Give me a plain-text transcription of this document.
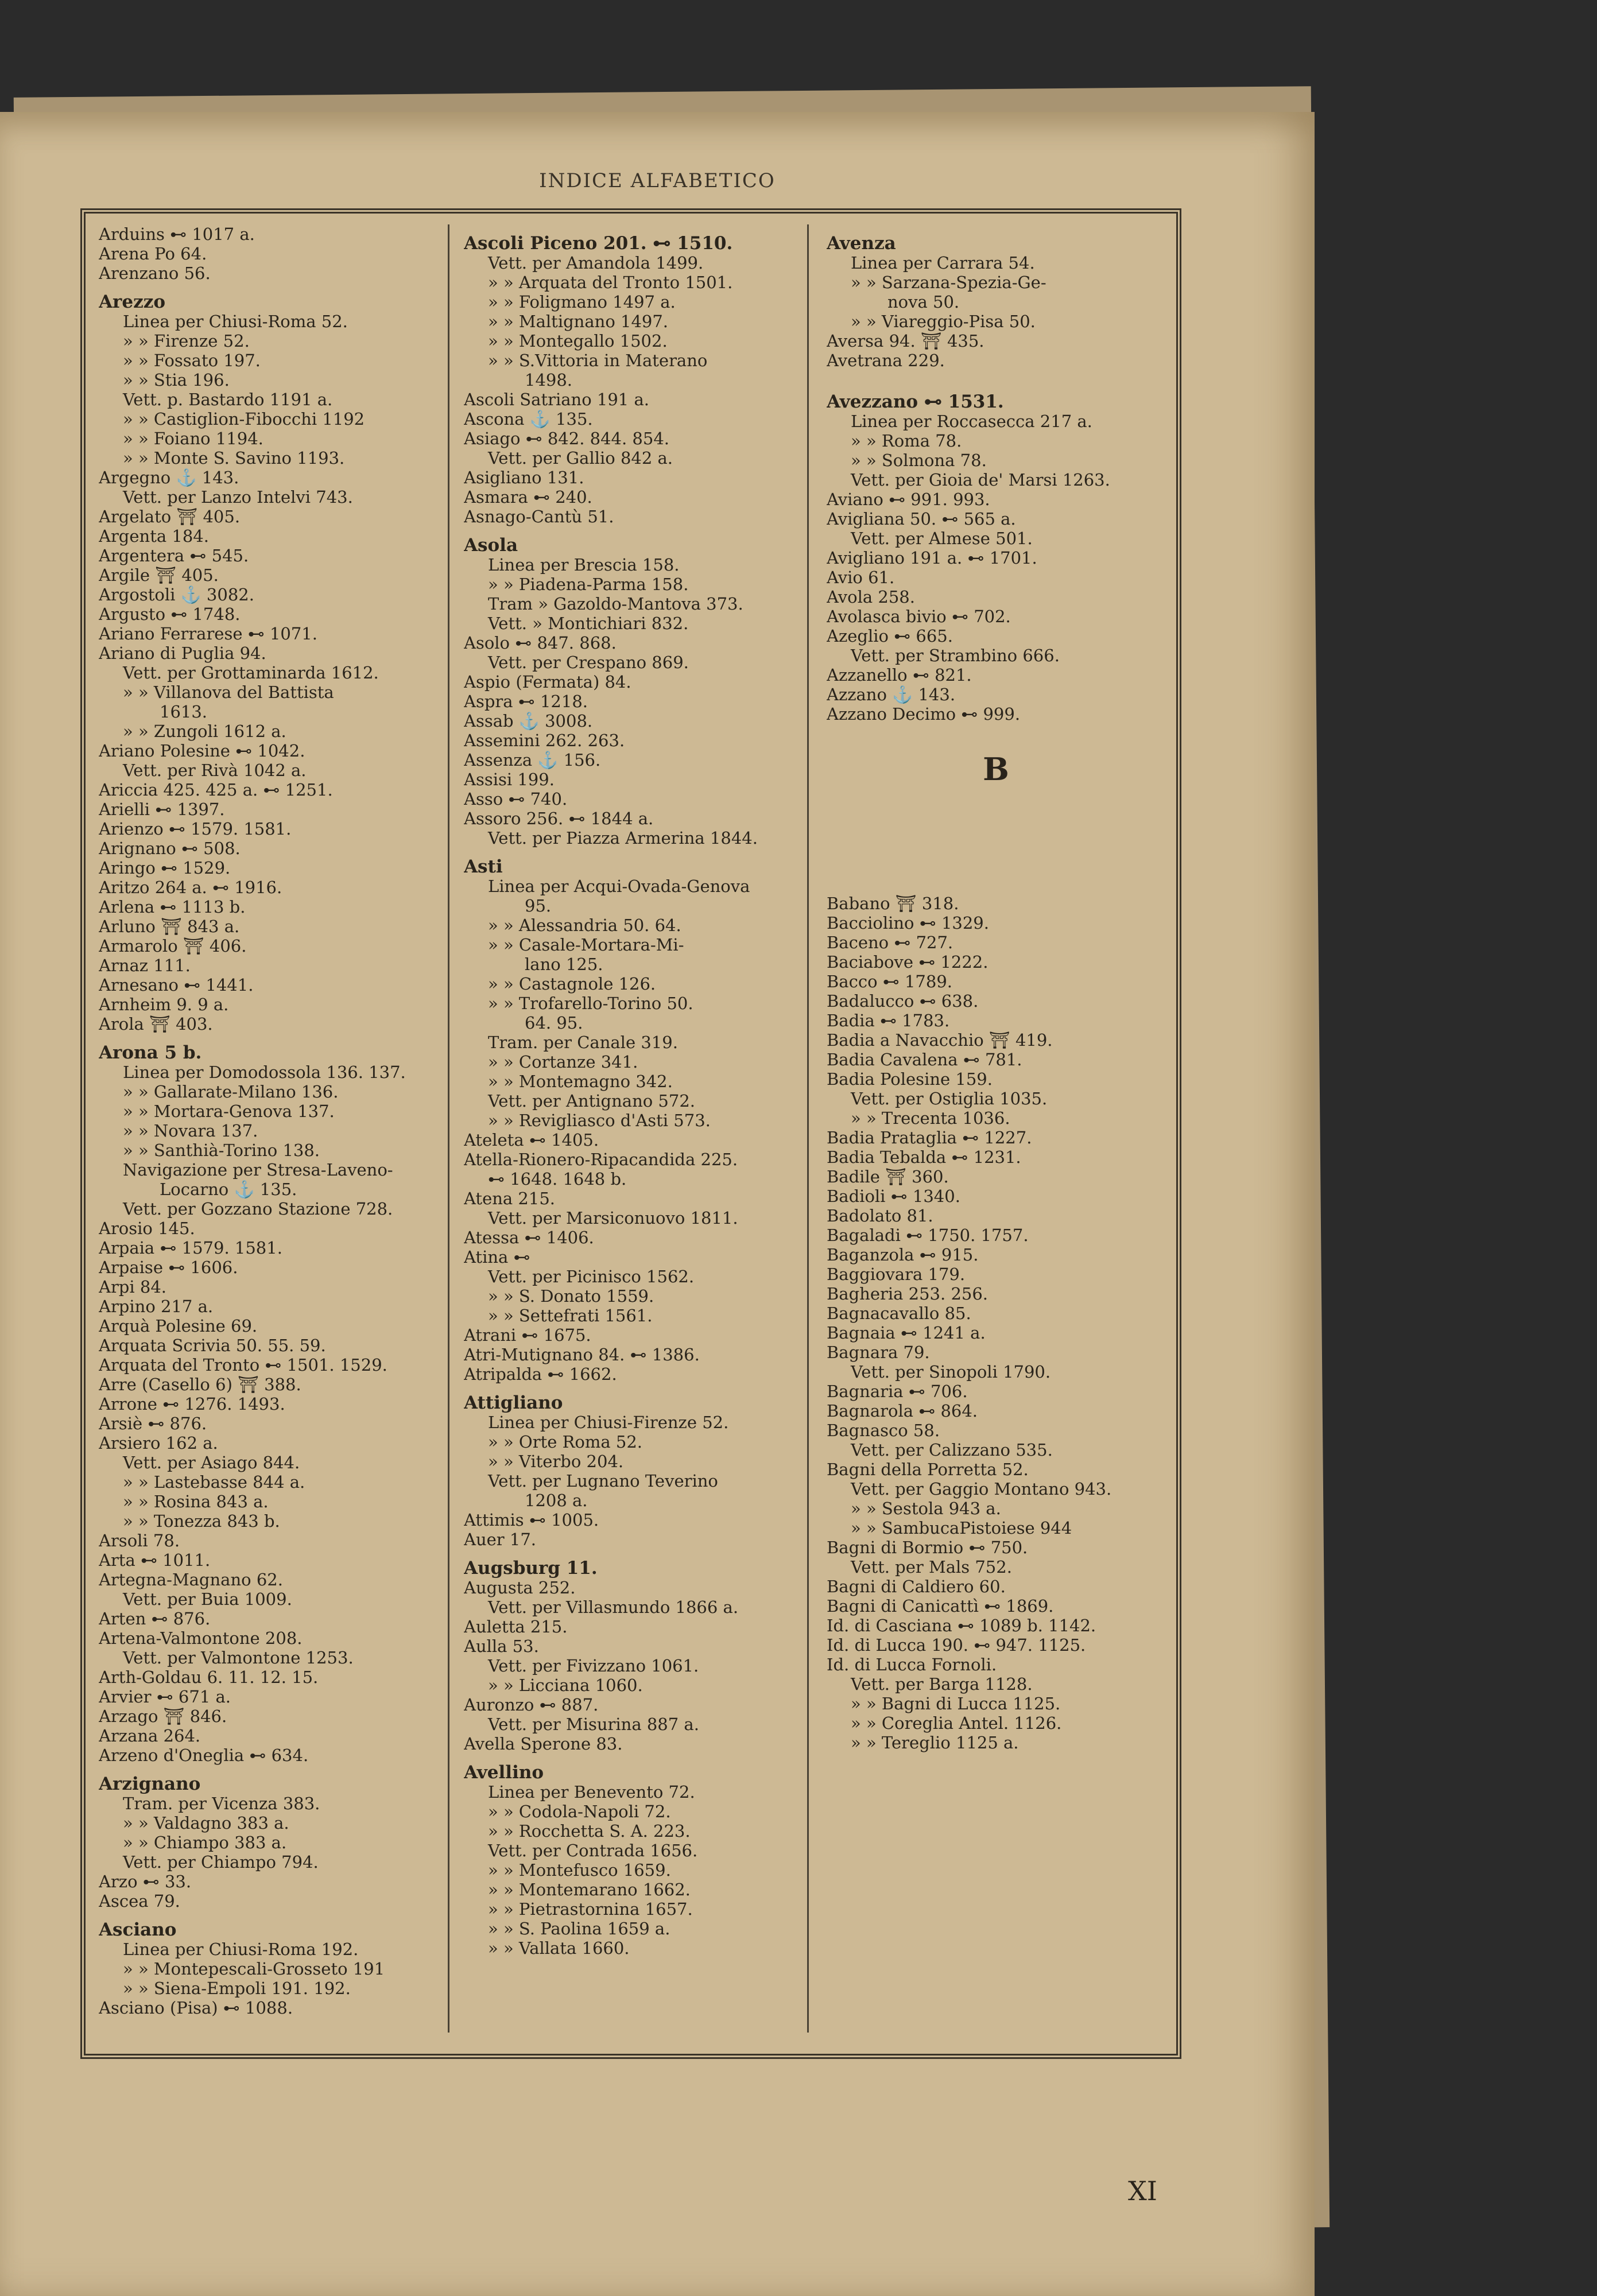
INDICE ALFABETICO
Arduins ⊷ 1017 a.
Arena Po 64.
Arenzano 56.
Arezzo
Linea per Chiusi-Roma 52.
» » Firenze 52.
» » Fossato 197.
» » Stia 196.
Vett. p. Bastardo 1191 a.
» » Castiglion-Fibocchi 1192
» » Foiano 1194.
» » Monte S. Savino 1193.
Argegno ⚓ 143.
Vett. per Lanzo Intelvi 743.
Argelato ⛩ 405.
Argenta 184.
Argentera ⊷ 545.
Argile ⛩ 405.
Argostoli ⚓ 3082.
Argusto ⊷ 1748.
Ariano Ferrarese ⊷ 1071.
Ariano di Puglia 94.
Vett. per Grottaminarda 1612.
» » Villanova del Battista
1613.
» » Zungoli 1612 a.
Ariano Polesine ⊷ 1042.
Vett. per Rivà 1042 a.
Ariccia 425. 425 a. ⊷ 1251.
Arielli ⊷ 1397.
Arienzo ⊷ 1579. 1581.
Arignano ⊷ 508.
Aringo ⊷ 1529.
Aritzo 264 a. ⊷ 1916.
Arlena ⊷ 1113 b.
Arluno ⛩ 843 a.
Armarolo ⛩ 406.
Arnaz 111.
Arnesano ⊷ 1441.
Arnheim 9. 9 a.
Arola ⛩ 403.
Arona 5 b.
Linea per Domodossola 136. 137.
» » Gallarate-Milano 136.
» » Mortara-Genova 137.
» » Novara 137.
» » Santhià-Torino 138.
Navigazione per Stresa-Laveno-
Locarno ⚓ 135.
Vett. per Gozzano Stazione 728.
Arosio 145.
Arpaia ⊷ 1579. 1581.
Arpaise ⊷ 1606.
Arpi 84.
Arpino 217 a.
Arquà Polesine 69.
Arquata Scrivia 50. 55. 59.
Arquata del Tronto ⊷ 1501. 1529.
Arre (Casello 6) ⛩ 388.
Arrone ⊷ 1276. 1493.
Arsiè ⊷ 876.
Arsiero 162 a.
Vett. per Asiago 844.
» » Lastebasse 844 a.
» » Rosina 843 a.
» » Tonezza 843 b.
Arsoli 78.
Arta ⊷ 1011.
Artegna-Magnano 62.
Vett. per Buia 1009.
Arten ⊷ 876.
Artena-Valmontone 208.
Vett. per Valmontone 1253.
Arth-Goldau 6. 11. 12. 15.
Arvier ⊷ 671 a.
Arzago ⛩ 846.
Arzana 264.
Arzeno d'Oneglia ⊷ 634.
Arzignano
Tram. per Vicenza 383.
» » Valdagno 383 a.
» » Chiampo 383 a.
Vett. per Chiampo 794.
Arzo ⊷ 33.
Ascea 79.
Asciano
Linea per Chiusi-Roma 192.
» » Montepescali-Grosseto 191
» » Siena-Empoli 191. 192.
Asciano (Pisa) ⊷ 1088.
Ascoli Piceno 201. ⊷ 1510.
Vett. per Amandola 1499.
» » Arquata del Tronto 1501.
» » Foligmano 1497 a.
» » Maltignano 1497.
» » Montegallo 1502.
» » S.Vittoria in Materano
1498.
Ascoli Satriano 191 a.
Ascona ⚓ 135.
Asiago ⊷ 842. 844. 854.
Vett. per Gallio 842 a.
Asigliano 131.
Asmara ⊷ 240.
Asnago-Cantù 51.
Asola
Linea per Brescia 158.
» » Piadena-Parma 158.
Tram » Gazoldo-Mantova 373.
Vett. » Montichiari 832.
Asolo ⊷ 847. 868.
Vett. per Crespano 869.
Aspio (Fermata) 84.
Aspra ⊷ 1218.
Assab ⚓ 3008.
Assemini 262. 263.
Assenza ⚓ 156.
Assisi 199.
Asso ⊷ 740.
Assoro 256. ⊷ 1844 a.
Vett. per Piazza Armerina 1844.
Asti
Linea per Acqui-Ovada-Genova
95.
» » Alessandria 50. 64.
» » Casale-Mortara-Mi-
lano 125.
» » Castagnole 126.
» » Trofarello-Torino 50.
64. 95.
Tram. per Canale 319.
» » Cortanze 341.
» » Montemagno 342.
Vett. per Antignano 572.
» » Revigliasco d'Asti 573.
Ateleta ⊷ 1405.
Atella-Rionero-Ripacandida 225.
⊷ 1648. 1648 b.
Atena 215.
Vett. per Marsiconuovo 1811.
Atessa ⊷ 1406.
Atina ⊷
Vett. per Picinisco 1562.
» » S. Donato 1559.
» » Settefrati 1561.
Atrani ⊷ 1675.
Atri-Mutignano 84. ⊷ 1386.
Atripalda ⊷ 1662.
Attigliano
Linea per Chiusi-Firenze 52.
» » Orte Roma 52.
» » Viterbo 204.
Vett. per Lugnano Teverino
1208 a.
Attimis ⊷ 1005.
Auer 17.
Augsburg 11.
Augusta 252.
Vett. per Villasmundo 1866 a.
Auletta 215.
Aulla 53.
Vett. per Fivizzano 1061.
» » Licciana 1060.
Auronzo ⊷ 887.
Vett. per Misurina 887 a.
Avella Sperone 83.
Avellino
Linea per Benevento 72.
» » Codola-Napoli 72.
» » Rocchetta S. A. 223.
Vett. per Contrada 1656.
» » Montefusco 1659.
» » Montemarano 1662.
» » Pietrastornina 1657.
» » S. Paolina 1659 a.
» » Vallata 1660.
Avenza
Linea per Carrara 54.
» » Sarzana-Spezia-Ge-
nova 50.
» » Viareggio-Pisa 50.
Aversa 94. ⛩ 435.
Avetrana 229.
Avezzano ⊷ 1531.
Linea per Roccasecca 217 a.
» » Roma 78.
» » Solmona 78.
Vett. per Gioia de' Marsi 1263.
Aviano ⊷ 991. 993.
Avigliana 50. ⊷ 565 a.
Vett. per Almese 501.
Avigliano 191 a. ⊷ 1701.
Avio 61.
Avola 258.
Avolasca bivio ⊷ 702.
Azeglio ⊷ 665.
Vett. per Strambino 666.
Azzanello ⊷ 821.
Azzano ⚓ 143.
Azzano Decimo ⊷ 999.
B
Babano ⛩ 318.
Bacciolino ⊷ 1329.
Baceno ⊷ 727.
Baciabove ⊷ 1222.
Bacco ⊷ 1789.
Badalucco ⊷ 638.
Badia ⊷ 1783.
Badia a Navacchio ⛩ 419.
Badia Cavalena ⊷ 781.
Badia Polesine 159.
Vett. per Ostiglia 1035.
» » Trecenta 1036.
Badia Prataglia ⊷ 1227.
Badia Tebalda ⊷ 1231.
Badile ⛩ 360.
Badioli ⊷ 1340.
Badolato 81.
Bagaladi ⊷ 1750. 1757.
Baganzola ⊷ 915.
Baggiovara 179.
Bagheria 253. 256.
Bagnacavallo 85.
Bagnaia ⊷ 1241 a.
Bagnara 79.
Vett. per Sinopoli 1790.
Bagnaria ⊷ 706.
Bagnarola ⊷ 864.
Bagnasco 58.
Vett. per Calizzano 535.
Bagni della Porretta 52.
Vett. per Gaggio Montano 943.
» » Sestola 943 a.
» » SambucaPistoiese 944
Bagni di Bormio ⊷ 750.
Vett. per Mals 752.
Bagni di Caldiero 60.
Bagni di Canicattì ⊷ 1869.
Id. di Casciana ⊷ 1089 b. 1142.
Id. di Lucca 190. ⊷ 947. 1125.
Id. di Lucca Fornoli.
Vett. per Barga 1128.
» » Bagni di Lucca 1125.
» » Coreglia Antel. 1126.
» » Tereglio 1125 a.
XI
